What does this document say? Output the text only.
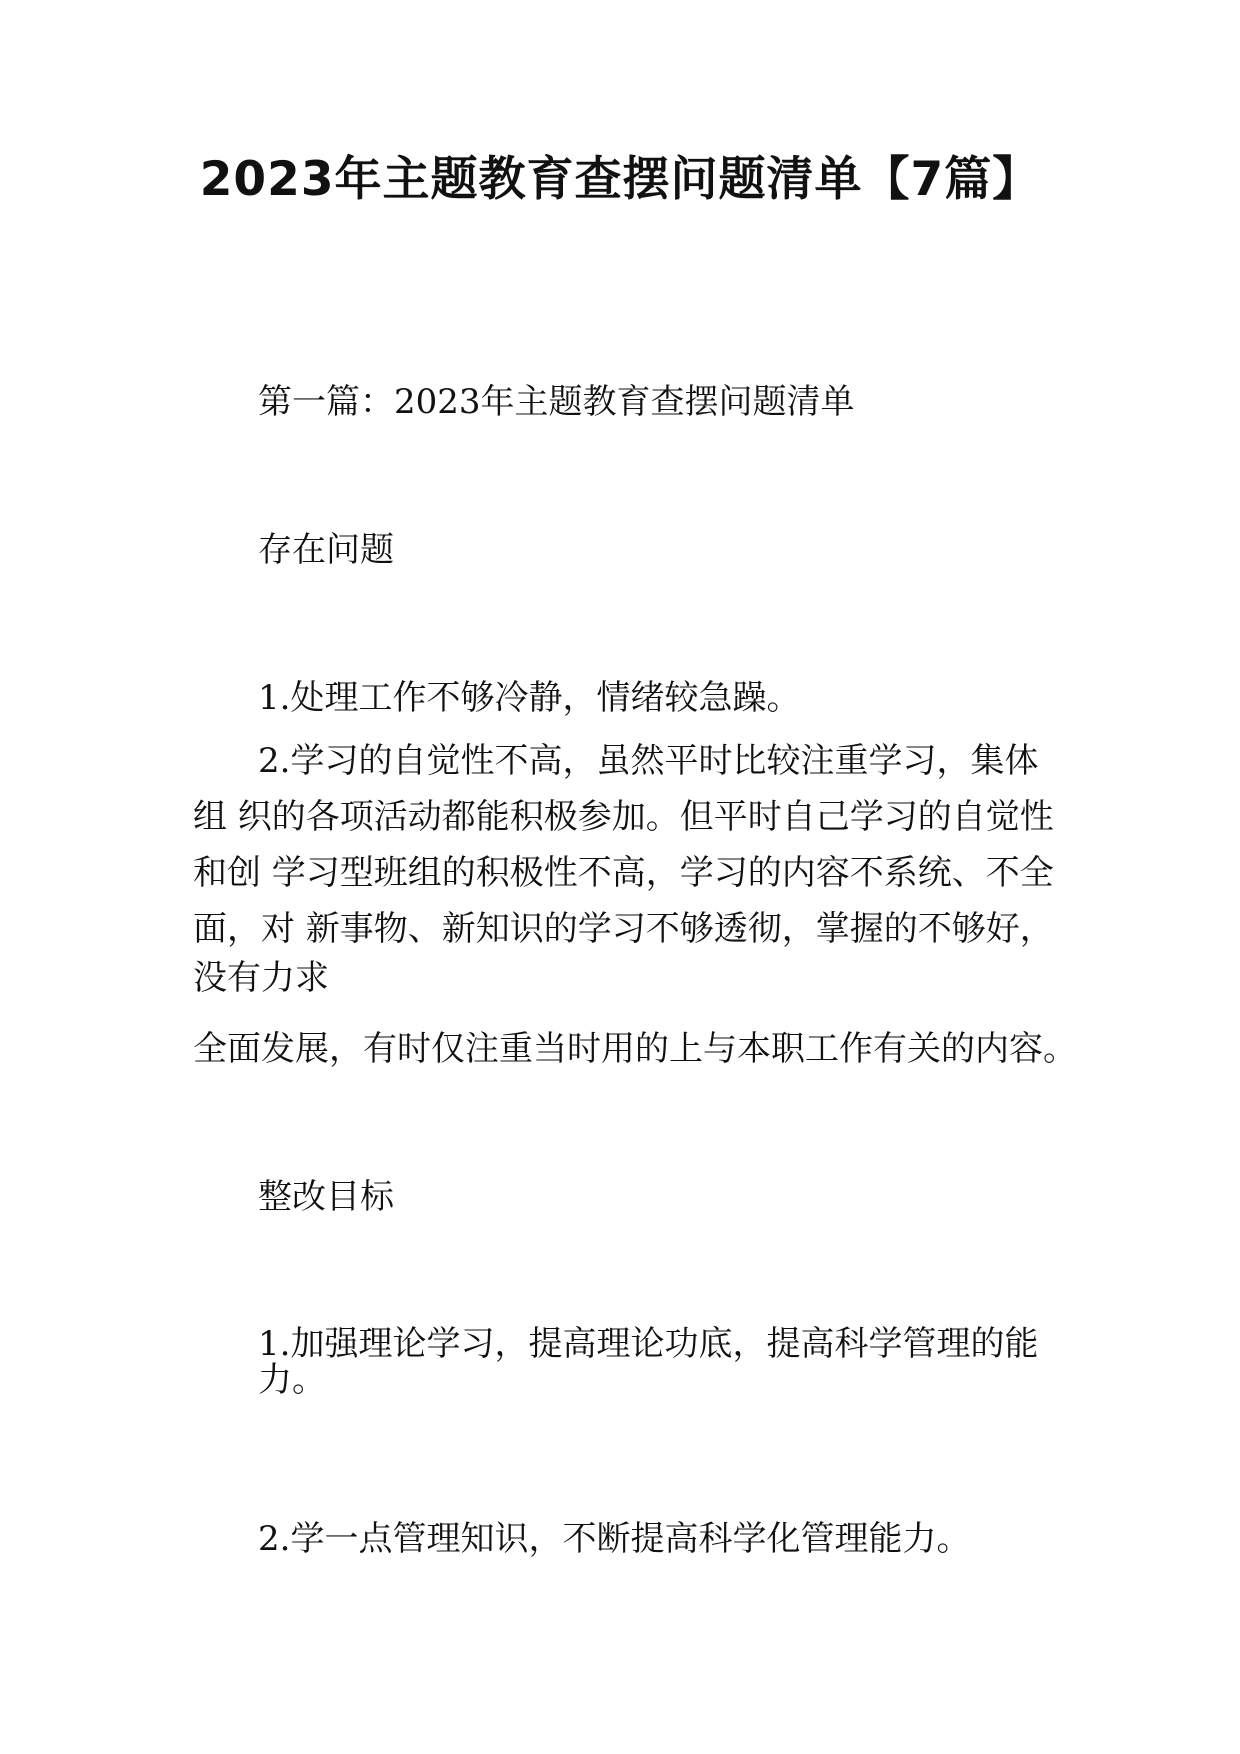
2023年主题教育查摆问题清单【7篇】

第一篇：2023年主题教育查摆问题清单

存在问题

1.处理工作不够冷静，情绪较急躁。

2.学习的自觉性不高，虽然平时比较注重学习，集体

组 织的各项活动都能积极参加。但平时自己学习的自觉性

和创 学习型班组的积极性不高，学习的内容不系统、不全

面，对 新事物、新知识的学习不够透彻，掌握的不够好，

没有力求

全面发展，有时仅注重当时用的上与本职工作有关的内容。

整改目标

1.加强理论学习，提高理论功底，提高科学管理的能

力。

2.学一点管理知识，不断提高科学化管理能力。
